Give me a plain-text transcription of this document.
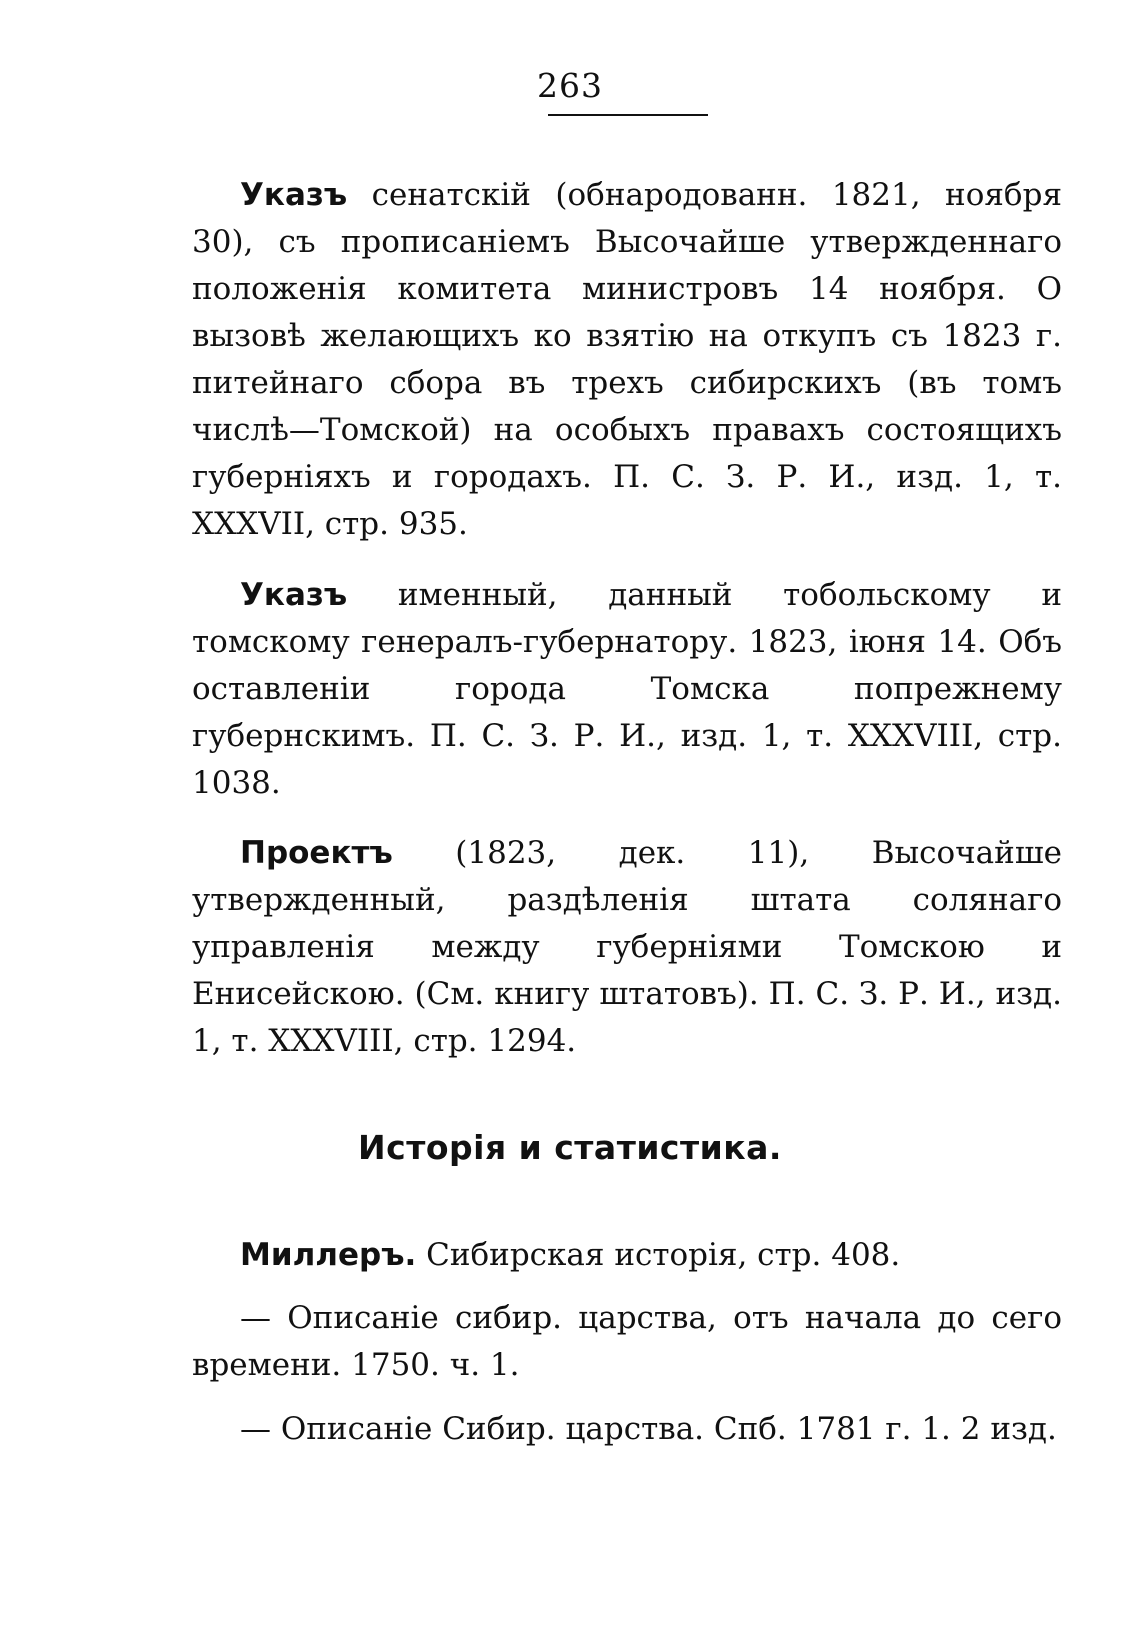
263

Указъ сенатскій (обнародованн. 1821, ноября 30), съ прописаніемъ Высочайше утвержденнаго положенія комитета министровъ 14 ноября. О вызовѣ желающихъ ко взятію на откупъ съ 1823 г. питейнаго сбора въ трехъ сибирскихъ (въ томъ числѣ—Томской) на особыхъ правахъ состоящихъ губерніяхъ и городахъ. П. С. З. Р. И., изд. 1, т. XXXVII, стр. 935.

Указъ именный, данный тобольскому и томскому генералъ-губернатору. 1823, іюня 14. Объ оставленіи города Томска попрежнему губернскимъ. П. С. З. Р. И., изд. 1, т. XXXVIII, стр. 1038.

Проектъ (1823, дек. 11), Высочайше утвержденный, раздѣленія штата солянаго управленія между губерніями Томскою и Енисейскою. (См. книгу штатовъ). П. С. З. Р. И., изд. 1, т. XXXVIII, стр. 1294.

Исторія и статистика.

Миллеръ. Сибирская исторія, стр. 408.

— Описаніе сибир. царства, отъ начала до сего времени. 1750. ч. 1.

— Описаніе Сибир. царства. Спб. 1781 г. 1. 2 изд.
